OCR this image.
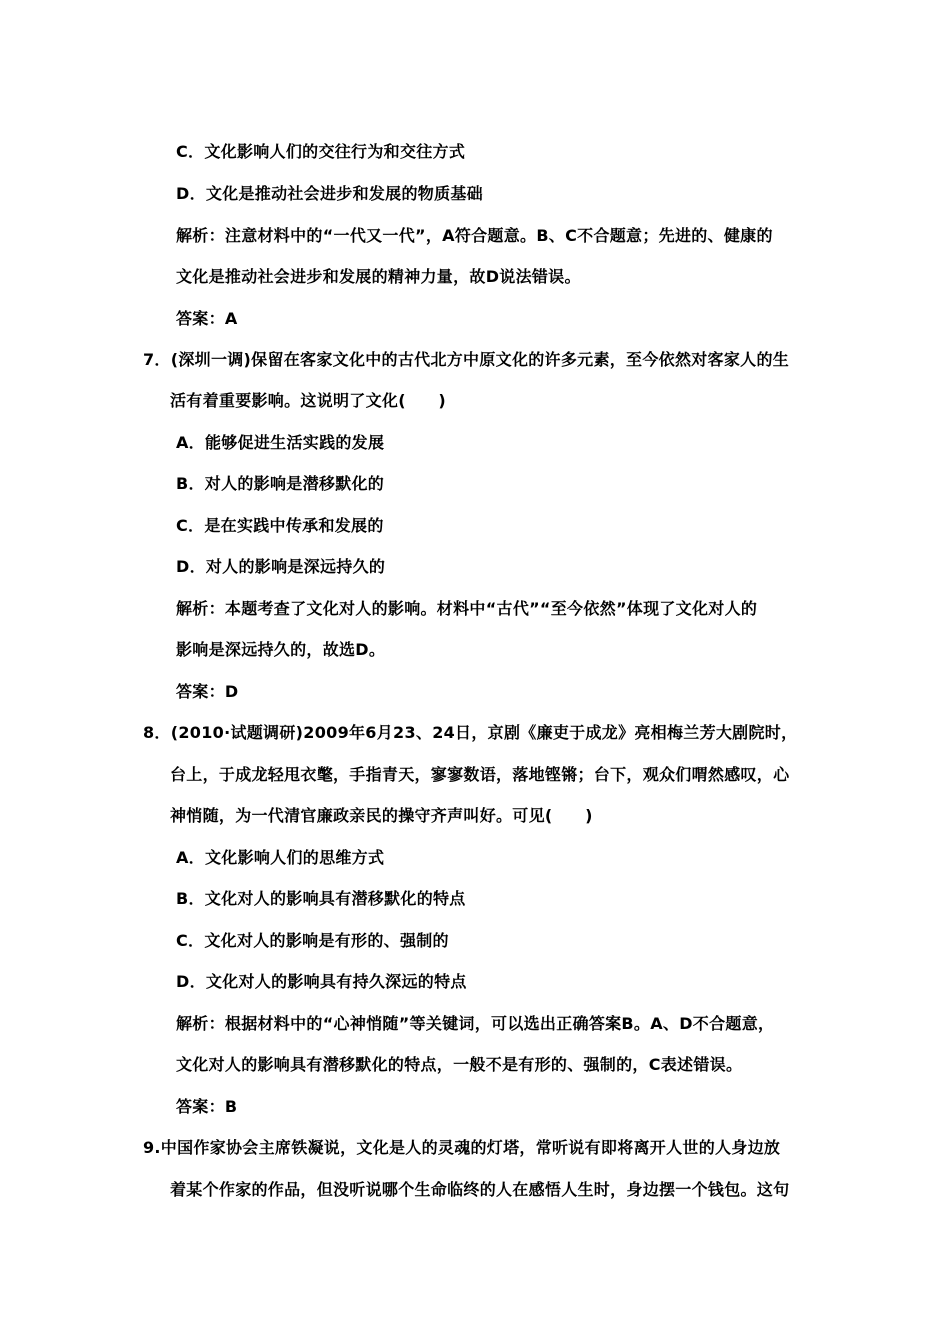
C．文化影响人们的交往行为和交往方式
D．文化是推动社会进步和发展的物质基础
解析：注意材料中的“一代又一代”，A符合题意。B、C不合题意；先进的、健康的
文化是推动社会进步和发展的精神力量，故D说法错误。
答案：A
7．(深圳一调)保留在客家文化中的古代北方中原文化的许多元素，至今依然对客家人的生
活有着重要影响。这说明了文化(　　)
A．能够促进生活实践的发展
B．对人的影响是潜移默化的
C．是在实践中传承和发展的
D．对人的影响是深远持久的
解析：本题考查了文化对人的影响。材料中“古代”“至今依然”体现了文化对人的
影响是深远持久的，故选D。
答案：D
8．(2010·试题调研)2009年6月23、24日，京剧《廉吏于成龙》亮相梅兰芳大剧院时，
台上，于成龙轻甩衣氅，手指青天，寥寥数语，落地铿锵；台下，观众们喟然感叹，心
神悄随，为一代清官廉政亲民的操守齐声叫好。可见(　　)
A．文化影响人们的思维方式
B．文化对人的影响具有潜移默化的特点
C．文化对人的影响是有形的、强制的
D．文化对人的影响具有持久深远的特点
解析：根据材料中的“心神悄随”等关键词，可以选出正确答案B。A、D不合题意，
文化对人的影响具有潜移默化的特点，一般不是有形的、强制的，C表述错误。
答案：B
9.中国作家协会主席铁凝说，文化是人的灵魂的灯塔，常听说有即将离开人世的人身边放
着某个作家的作品，但没听说哪个生命临终的人在感悟人生时，身边摆一个钱包。这句
